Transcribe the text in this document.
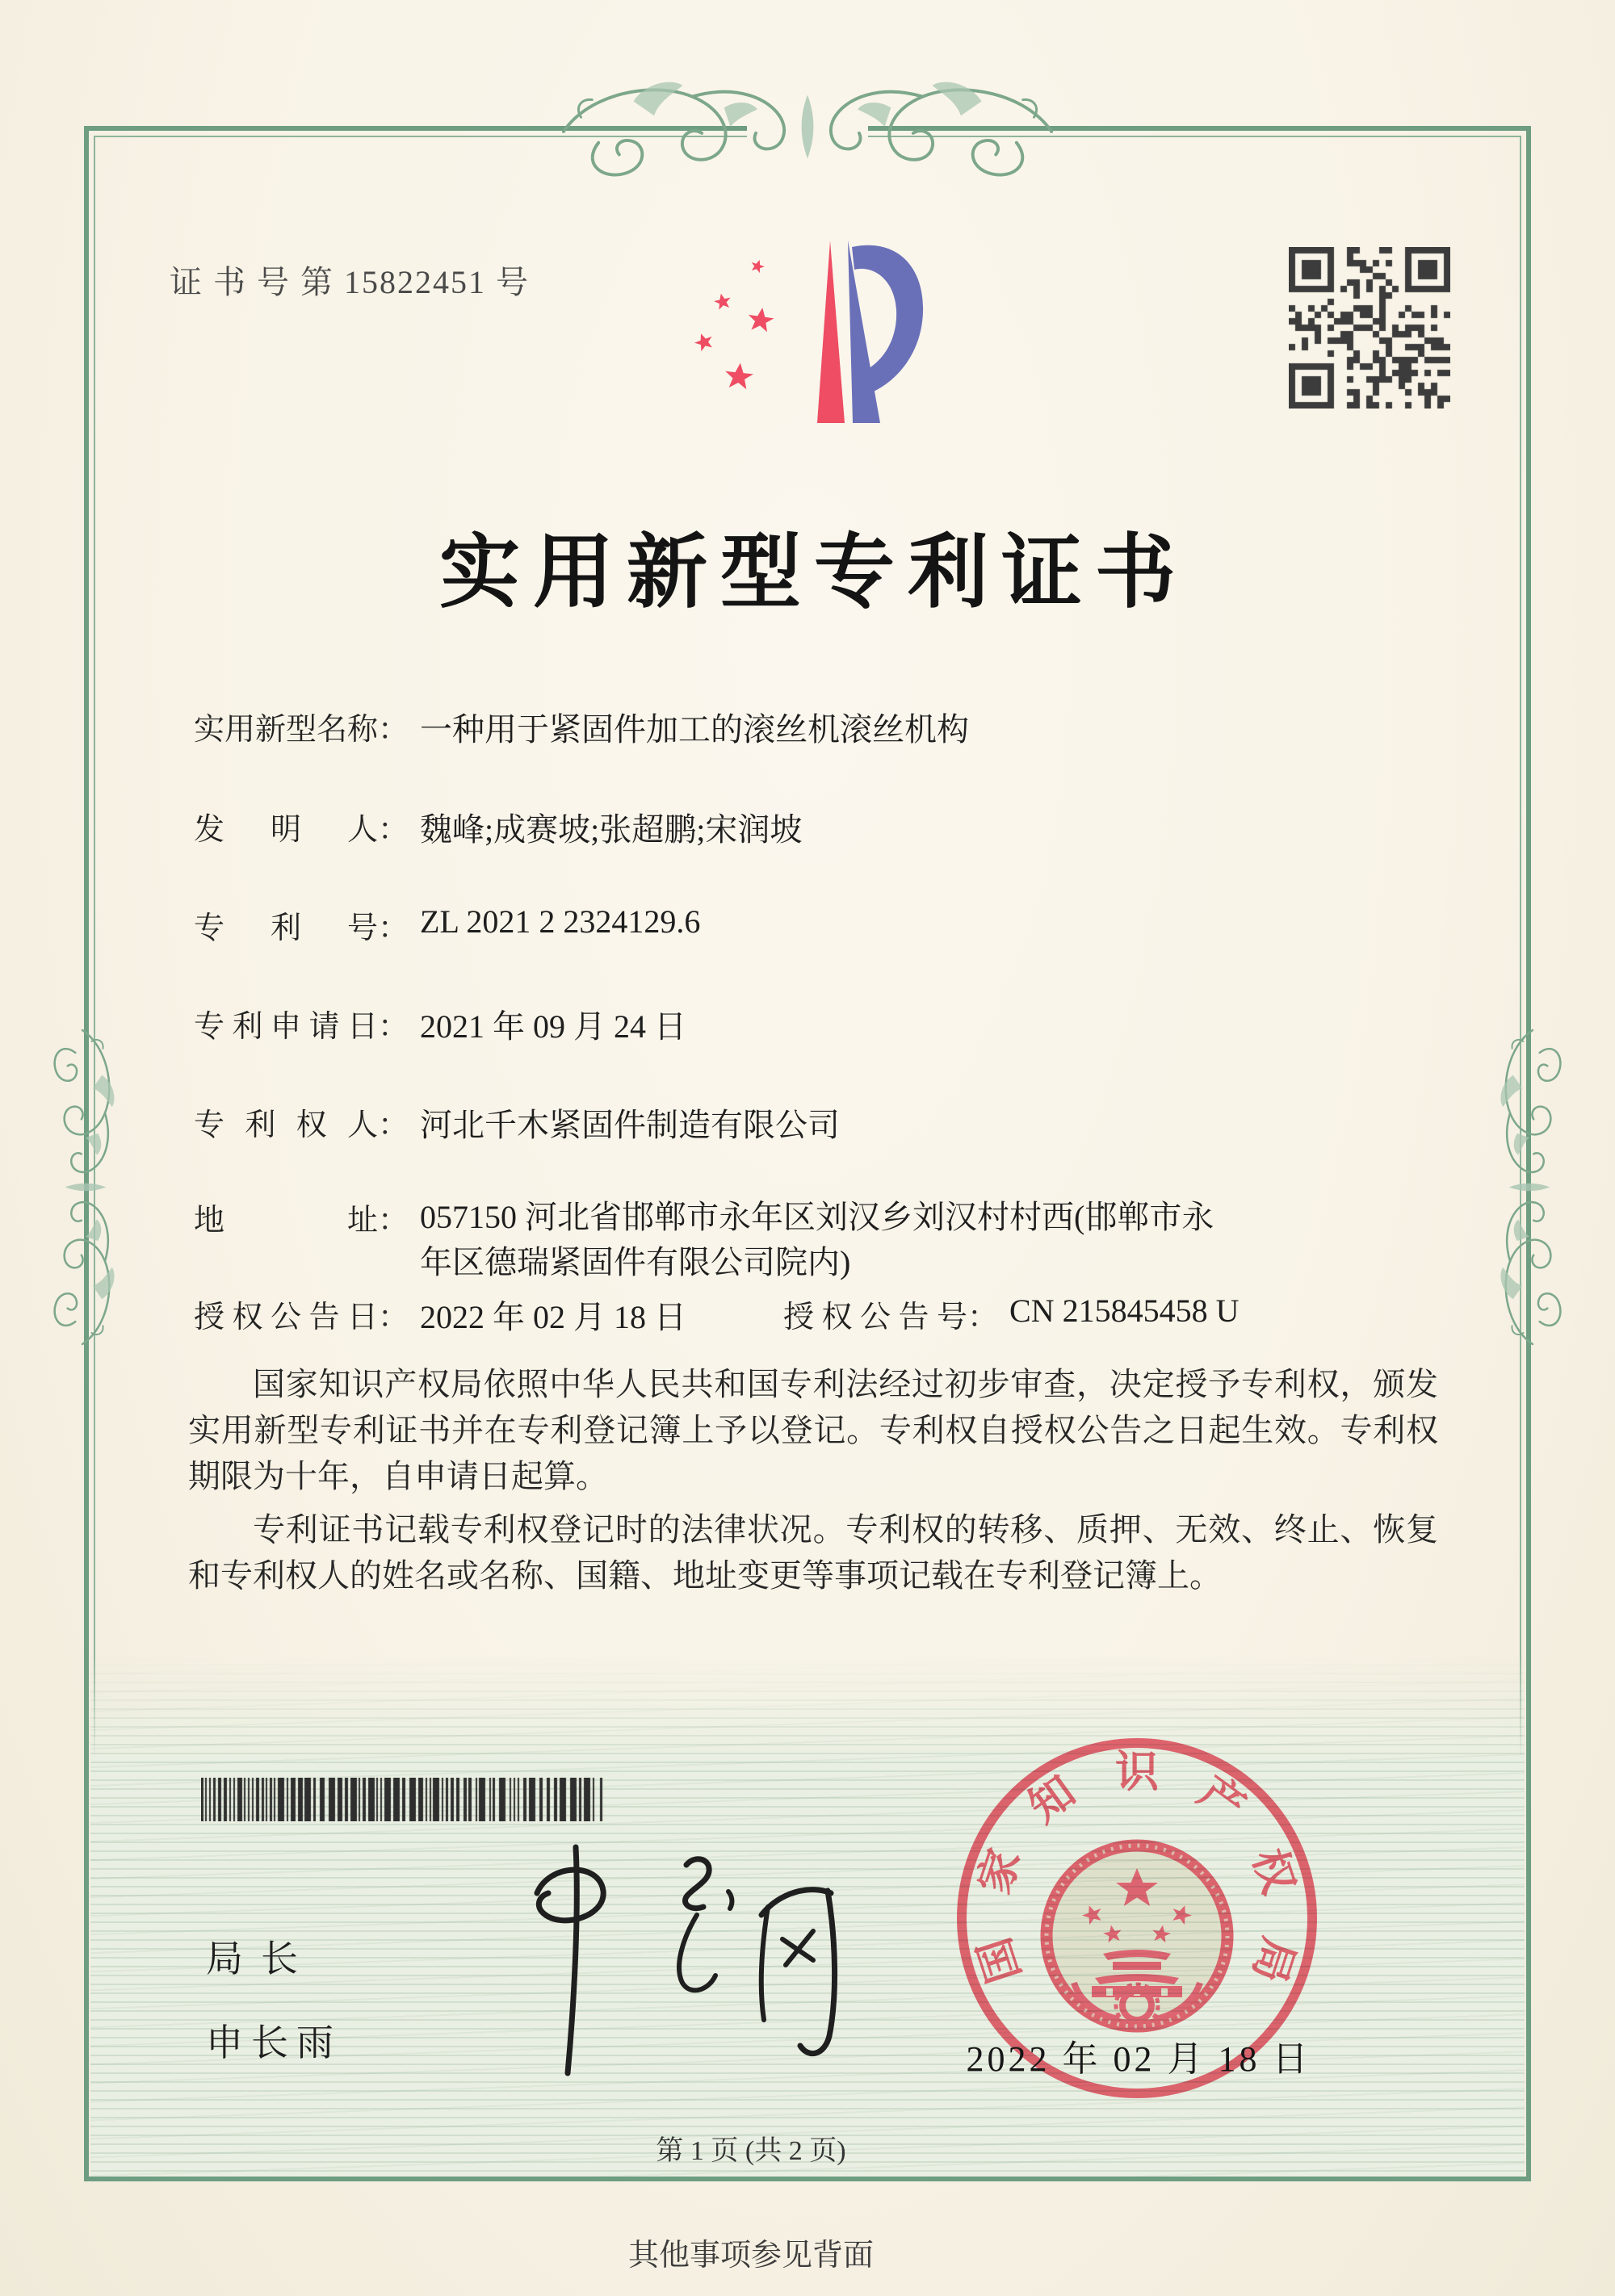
证 书 号 第 15822451 号
实用新型专利证书
实用新型名称： 一种用于紧固件加工的滚丝机滚丝机构
发明人： 魏峰;成赛坡;张超鹏;宋润坡
专利号： ZL 2021 2 2324129.6
专利申请日： 2021 年 09 月 24 日
专利权人： 河北千木紧固件制造有限公司
地址： 057150 河北省邯郸市永年区刘汉乡刘汉村村西(邯郸市永年区德瑞紧固件有限公司院内)
授权公告日： 2022 年 02 月 18 日	授权公告号： CN 215845458 U

国家知识产权局依照中华人民共和国专利法经过初步审查，决定授予专利权，颁发实用新型专利证书并在专利登记簿上予以登记。专利权自授权公告之日起生效。专利权期限为十年，自申请日起算。

专利证书记载专利权登记时的法律状况。专利权的转移、质押、无效、终止、恢复和专利权人的姓名或名称、国籍、地址变更等事项记载在专利登记簿上。

局长
申长雨
国
家
知 识 产
权
局
2022 年 02 月 18 日
第 1 页 (共 2 页)
其他事项参见背面
